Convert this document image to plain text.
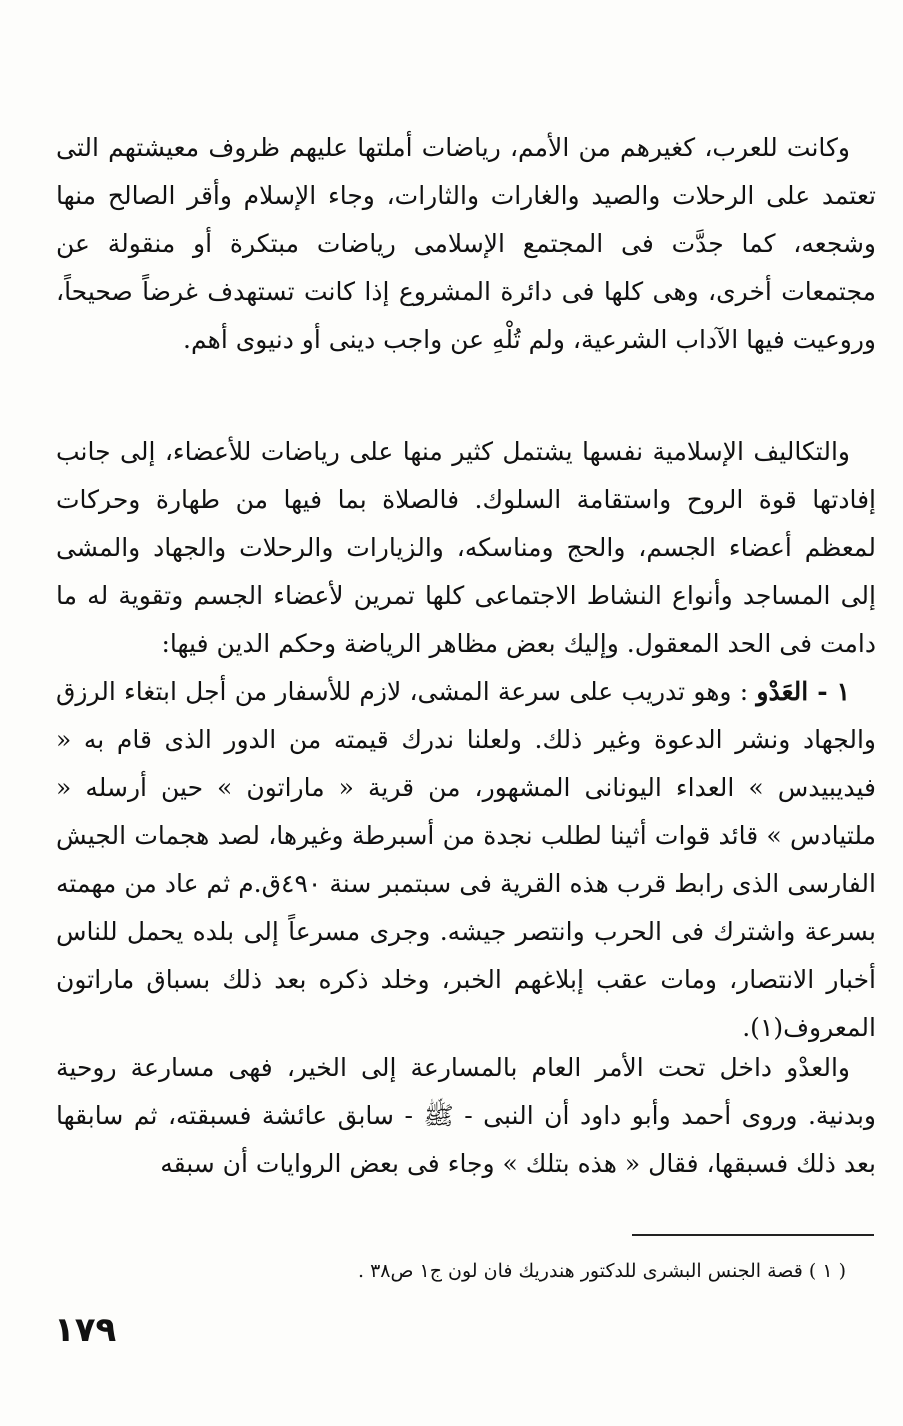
وكانت للعرب، كغيرهم من الأمم، رياضات أملتها عليهم ظروف معيشتهم التى تعتمد على الرحلات والصيد والغارات والثارات، وجاء الإسلام وأقر الصالح منها وشجعه، كما جدَّت فى المجتمع الإسلامى رياضات مبتكرة أو منقولة عن مجتمعات أخرى، وهى كلها فى دائرة المشروع إذا كانت تستهدف غرضاً صحيحاً، وروعيت فيها الآداب الشرعية، ولم تُلْهِ عن واجب دينى أو دنيوى أهم.

والتكاليف الإسلامية نفسها يشتمل كثير منها على رياضات للأعضاء، إلى جانب إفادتها قوة الروح واستقامة السلوك. فالصلاة بما فيها من طهارة وحركات لمعظم أعضاء الجسم، والحج ومناسكه، والزيارات والرحلات والجهاد والمشى إلى المساجد وأنواع النشاط الاجتماعى كلها تمرين لأعضاء الجسم وتقوية له ما دامت فى الحد المعقول. وإليك بعض مظاهر الرياضة وحكم الدين فيها:

١ - العَدْو : وهو تدريب على سرعة المشى، لازم للأسفار من أجل ابتغاء الرزق والجهاد ونشر الدعوة وغير ذلك. ولعلنا ندرك قيمته من الدور الذى قام به « فيديبيدس » العداء اليونانى المشهور، من قرية « ماراتون » حين أرسله « ملتيادس » قائد قوات أثينا لطلب نجدة من أسبرطة وغيرها، لصد هجمات الجيش الفارسى الذى رابط قرب هذه القرية فى سبتمبر سنة ٤٩٠ق.م ثم عاد من مهمته بسرعة واشترك فى الحرب وانتصر جيشه. وجرى مسرعاً إلى بلده يحمل للناس أخبار الانتصار، ومات عقب إبلاغهم الخبر، وخلد ذكره بعد ذلك بسباق ماراتون المعروف(١).

والعدْو داخل تحت الأمر العام بالمسارعة إلى الخير، فهى مسارعة روحية وبدنية. وروى أحمد وأبو داود أن النبى - ﷺ - سابق عائشة فسبقته، ثم سابقها بعد ذلك فسبقها، فقال « هذه بتلك » وجاء فى بعض الروايات أن سبقه

( ١ ) قصة الجنس البشرى للدكتور هندريك فان لون ج١ ص٣٨ .
١٧٩
